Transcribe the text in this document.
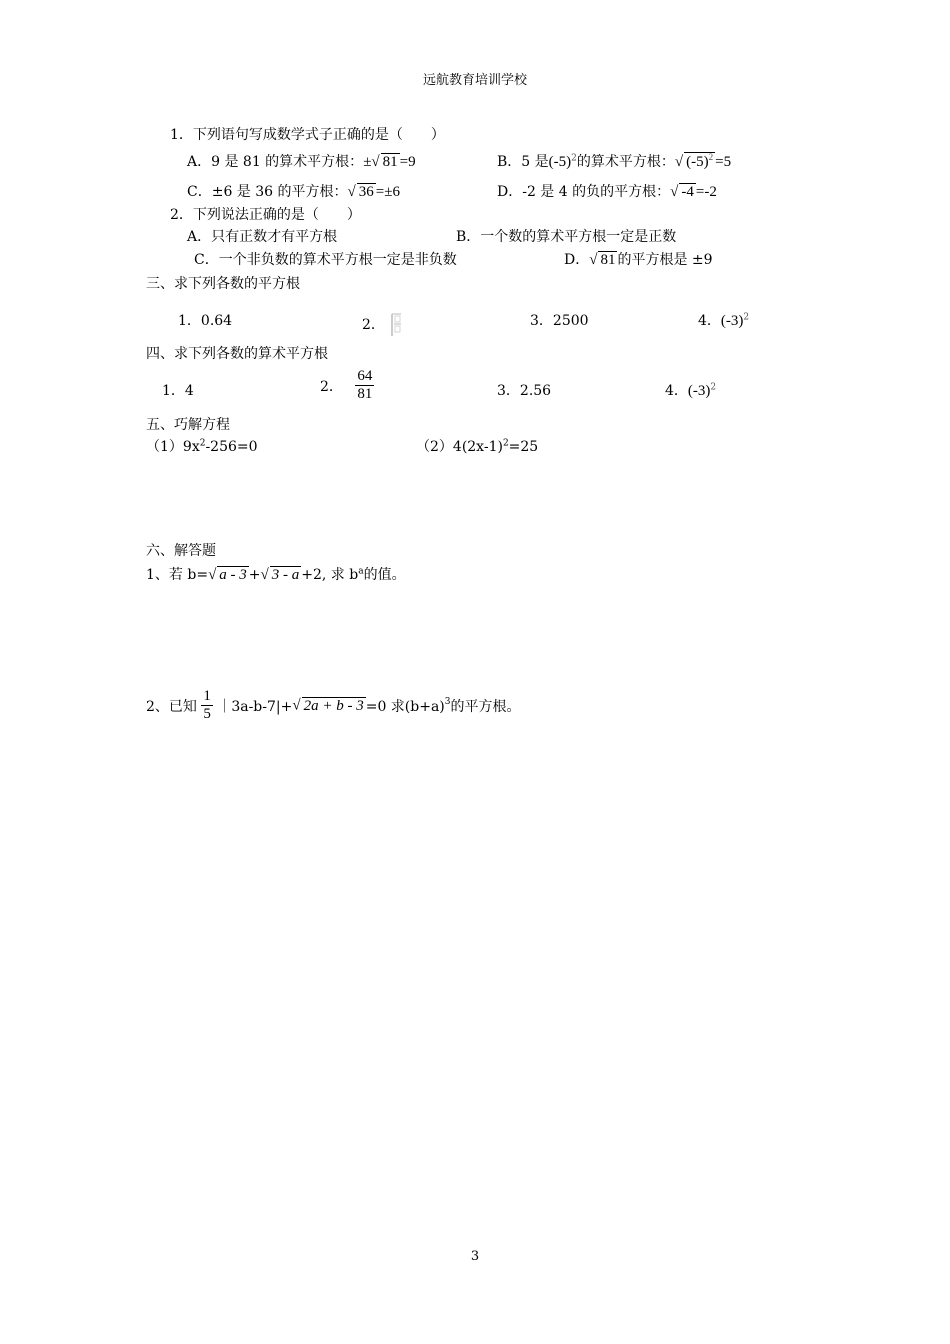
远航教育培训学校
1．下列语句写成数学式子正确的是（　　）
A．9 是 81 的算术平方根：±√ 81 =9	B．5 是$(-5)^2$的算术平方根：√ $(-5)^2 =5$
C．±6 是 36 的平方根：√ 36 =±6	D．-2 是 4 的负的平方根：√ -4 =-2
2．下列说法正确的是（　　）
A．只有正数才有平方根	B．一个数的算术平方根一定是正数
C．一个非负数的算术平方根一定是非负数	D．√ 81 的平方根是 ±9
三、求下列各数的平方根
1．0.64	2．	3．2500	4．$(-3)^2$
四、求下列各数的算术平方根
1．4	2． $\frac{64}{81}$	3．2.56	4．$(-3)^2$
五、巧解方程
$(1)9x^2-256=0$	$(2)4(2x-1)^2=25$
六、解答题
1、若 b=√ a - 3 +√ 3 - a +2, 求 $b^a$的值。
2、已知 $\frac{1}{5}$ ｜3a-b-7|+√ 2a + b - 3 =0 求$(b+a)^3$的平方根。
3
